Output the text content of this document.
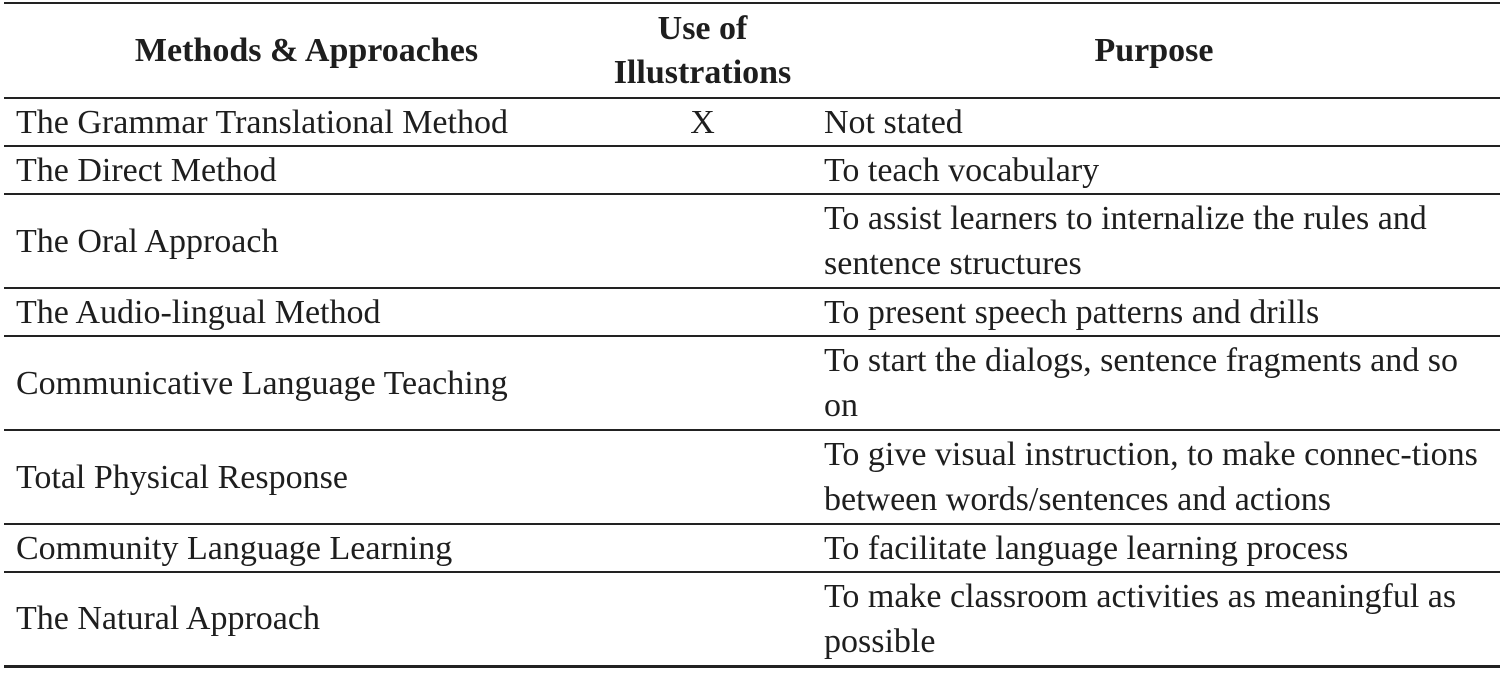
Methods & Approaches	Use of Illustrations	Purpose
The Grammar Translational Method	X	Not stated
The Direct Method		To teach vocabulary
The Oral Approach		To assist learners to internalize the rules and sentence structures
The Audio-lingual Method		To present speech patterns and drills
Communicative Language Teaching		To start the dialogs, sentence fragments and so on
Total Physical Response		To give visual instruction, to make connec-tions between words/sentences and actions
Community Language Learning		To facilitate language learning process
The Natural Approach		To make classroom activities as meaningful as possible
